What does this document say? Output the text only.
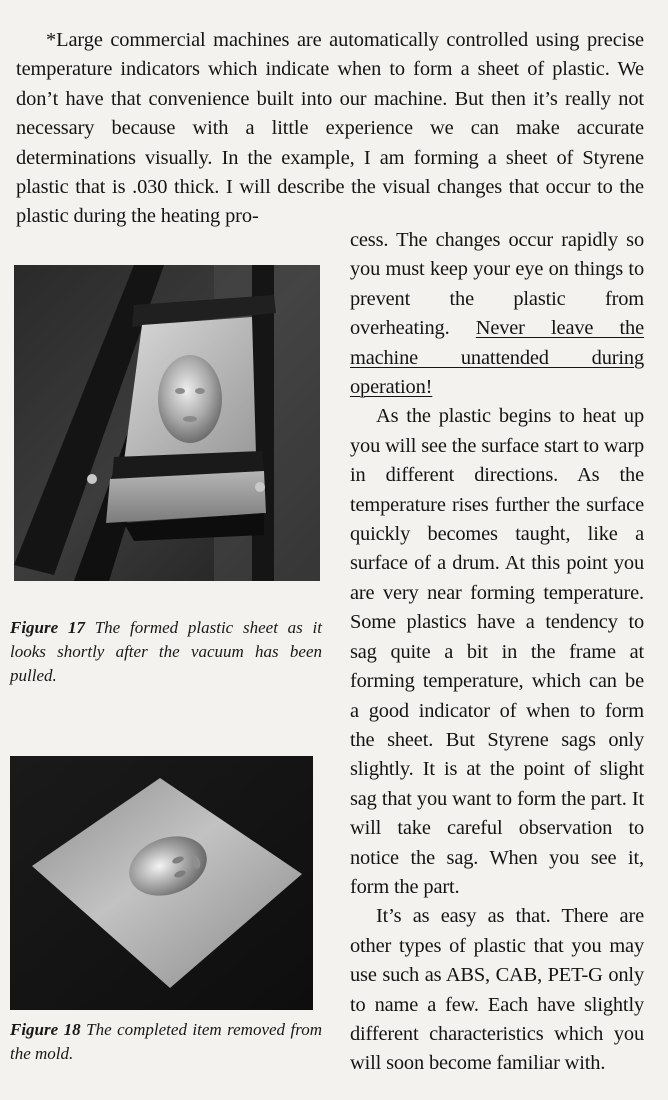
*Large commercial machines are automatically controlled using precise temperature indicators which indicate when to form a sheet of plastic. We don’t have that convenience built into our machine. But then it’s really not necessary because with a little experience we can make accurate determinations visually. In the example, I am forming a sheet of Styrene plastic that is .030 thick. I will describe the visual changes that occur to the plastic during the heating pro-

cess. The changes occur rapidly so you must keep your eye on things to prevent the plastic from overheating. Never leave the machine unattended during operation!

As the plastic begins to heat up you will see the surface start to warp in different directions. As the temperature rises further the surface quickly becomes taught, like a surface of a drum. At this point you are very near forming temperature. Some plastics have a tendency to sag quite a bit in the frame at forming temperature, which can be a good indicator of when to form the sheet. But Styrene sags only slightly. It is at the point of slight sag that you want to form the part. It will take careful observation to notice the sag. When you see it, form the part.

It’s as easy as that. There are other types of plastic that you may use such as ABS, CAB, PET-G only to name a few. Each have slightly different characteristics which you will soon become familiar with.

Figure 17 The formed plastic sheet as it looks shortly after the vacuum has been pulled.

Figure 18 The completed item removed from the mold.
